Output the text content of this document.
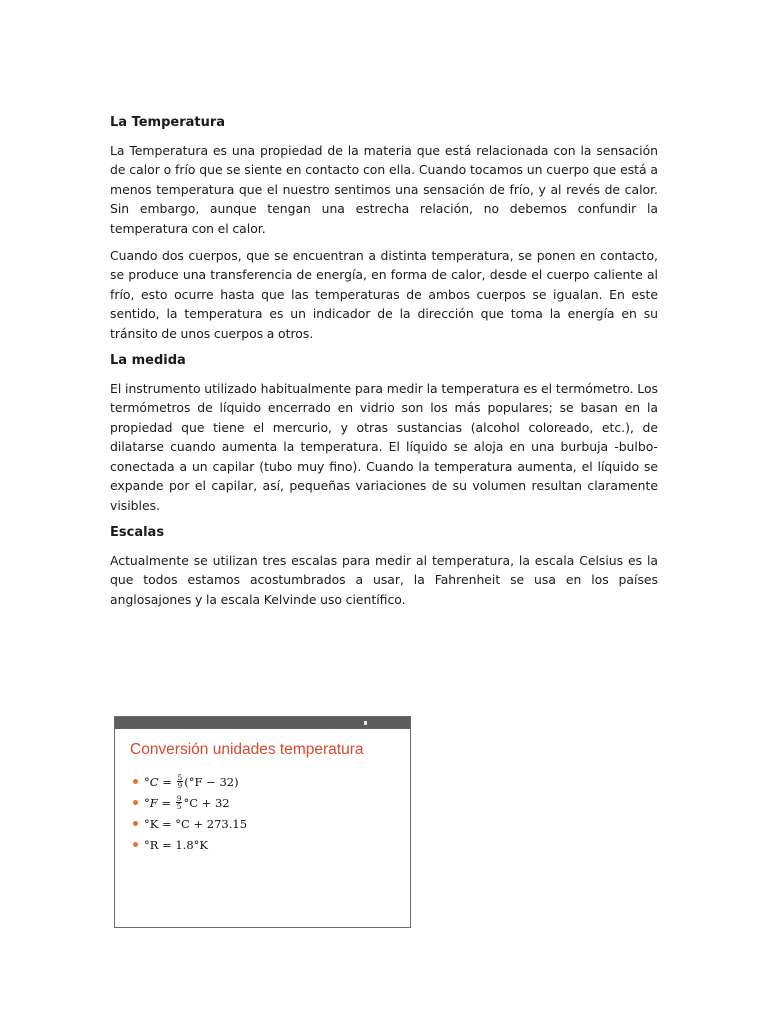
La Temperatura

La Temperatura es una propiedad de la materia que está relacionada con la sensación de calor o frío que se siente en contacto con ella. Cuando tocamos un cuerpo que está a menos temperatura que el nuestro sentimos una sensación de frío, y al revés de calor. Sin embargo, aunque tengan una estrecha relación, no debemos confundir la temperatura con el calor.

Cuando dos cuerpos, que se encuentran a distinta temperatura, se ponen en contacto, se produce una transferencia de energía, en forma de calor, desde el cuerpo caliente al frío, esto ocurre hasta que las temperaturas de ambos cuerpos se igualan. En este sentido, la temperatura es un indicador de la dirección que toma la energía en su tránsito de unos cuerpos a otros.

La medida

El instrumento utilizado habitualmente para medir la temperatura es el termómetro. Los termómetros de líquido encerrado en vidrio son los más populares; se basan en la propiedad que tiene el mercurio, y otras sustancias (alcohol coloreado, etc.), de dilatarse cuando aumenta la temperatura. El líquido se aloja en una burbuja -bulbo- conectada a un capilar (tubo muy fino). Cuando la temperatura aumenta, el líquido se expande por el capilar, así, pequeñas variaciones de su volumen resultan claramente visibles.

Escalas

Actualmente se utilizan tres escalas para medir al temperatura, la escala Celsius es la que todos estamos acostumbrados a usar, la Fahrenheit se usa en los países anglosajones y la escala Kelvinde uso científico.

Conversión unidades temperatura
$^\circ C = \frac{5}{9} (^\circ F - 32)$
$^\circ F = \frac{9}{5} ^\circ C + 32$
°K = °C + 273.15
°R = 1.8°K
